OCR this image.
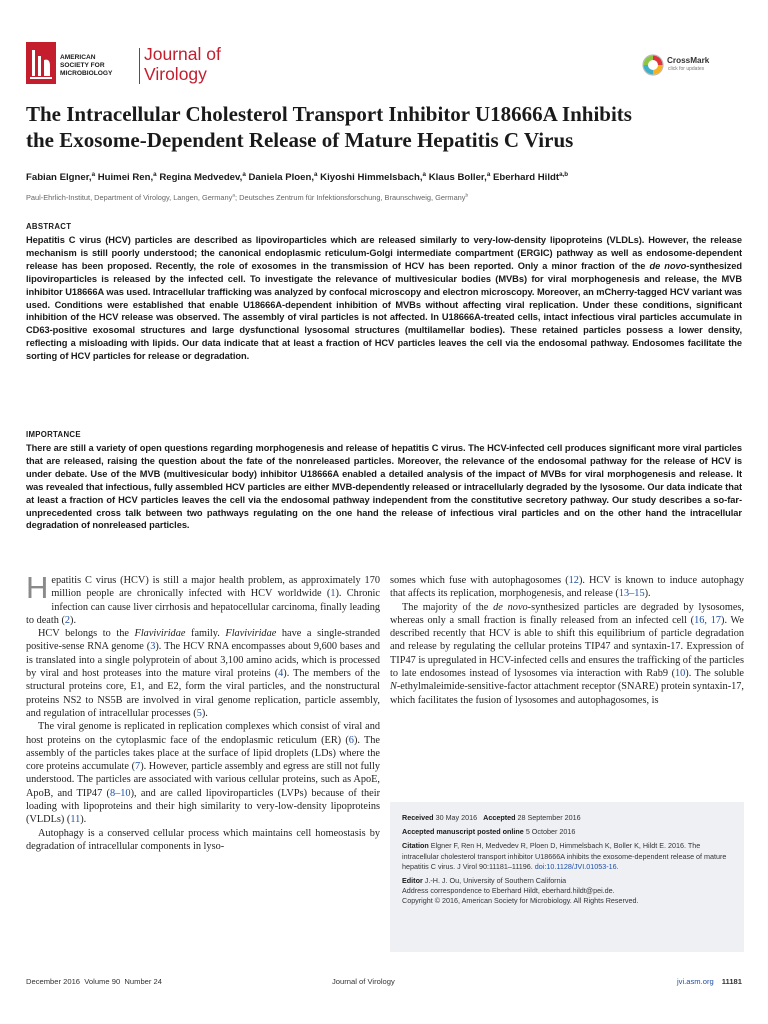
AMERICAN
SOCIETY FOR
MICROBIOLOGY
Journal of
Virology
CrossMark
click for updates
The Intracellular Cholesterol Transport Inhibitor U18666A Inhibits
the Exosome-Dependent Release of Mature Hepatitis C Virus
Fabian Elgner,$^a$ Huimei Ren,$^a$ Regina Medvedev,$^a$ Daniela Ploen,$^a$ Kiyoshi Himmelsbach,$^a$ Klaus Boller,$^a$ Eberhard Hildt$^{a,b}$
Paul-Ehrlich-Institut, Department of Virology, Langen, Germany$^a$; Deutsches Zentrum für Infektionsforschung, Braunschweig, Germany$^b$
ABSTRACT
Hepatitis C virus (HCV) particles are described as lipoviroparticles which are released similarly to very-low-density lipoproteins (VLDLs). However, the release mechanism is still poorly understood; the canonical endoplasmic reticulum-Golgi intermediate compartment (ERGIC) pathway as well as endosome-dependent release has been proposed. Recently, the role of exosomes in the transmission of HCV has been reported. Only a minor fraction of the de novo-synthesized lipoviroparticles is released by the infected cell. To investigate the relevance of multivesicular bodies (MVBs) for viral morphogenesis and release, the MVB inhibitor U18666A was used. Intracellular trafficking was analyzed by confocal microscopy and electron microscopy. Moreover, an mCherry-tagged HCV variant was used. Conditions were established that enable U18666A-dependent inhibition of MVBs without affecting viral replication. Under these conditions, significant inhibition of the HCV release was observed. The assembly of viral particles is not affected. In U18666A-treated cells, intact infectious viral particles accumulate in CD63-positive exosomal structures and large dysfunctional lysosomal structures (multilamellar bodies). These retained particles possess a lower density, reflecting a misloading with lipids. Our data indicate that at least a fraction of HCV particles leaves the cell via the endosomal pathway. Endosomes facilitate the sorting of HCV particles for release or degradation.
IMPORTANCE
There are still a variety of open questions regarding morphogenesis and release of hepatitis C virus. The HCV-infected cell produces significant more viral particles that are released, raising the question about the fate of the nonreleased particles. Moreover, the relevance of the endosomal pathway for the release of HCV is under debate. Use of the MVB (multivesicular body) inhibitor U18666A enabled a detailed analysis of the impact of MVBs for viral morphogenesis and release. It was revealed that infectious, fully assembled HCV particles are either MVB-dependently released or intracellularly degraded by the lysosome. Our data indicate that at least a fraction of HCV particles leaves the cell via the endosomal pathway independent from the constitutive secretory pathway. Our study describes a so-far-unprecedented cross talk between two pathways regulating on the one hand the release of infectious viral particles and on the other hand the intracellular degradation of nonreleased particles.

Hepatitis C virus (HCV) is still a major health problem, as approximately 170 million people are chronically infected with HCV worldwide (1). Chronic infection can cause liver cirrhosis and hepatocellular carcinoma, finally leading to death (2).

HCV belongs to the Flaviviridae family. Flaviviridae have a single-stranded positive-sense RNA genome (3). The HCV RNA encompasses about 9,600 bases and is translated into a single polyprotein of about 3,100 amino acids, which is processed by viral and host proteases into the mature viral proteins (4). The members of the structural proteins core, E1, and E2, form the viral particles, and the nonstructural proteins NS2 to NS5B are involved in viral genome replication, particle assembly, and regulation of intracellular processes (5).

The viral genome is replicated in replication complexes which consist of viral and host proteins on the cytoplasmic face of the endoplasmic reticulum (ER) (6). The assembly of the particles takes place at the surface of lipid droplets (LDs) where the core proteins accumulate (7). However, particle assembly and egress are still not fully understood. The particles are associated with various cellular proteins, such as ApoE, ApoB, and TIP47 (8–10), and are called lipoviroparticles (LVPs) because of their loading with lipoproteins and their high similarity to very-low-density lipoproteins (VLDLs) (11).

Autophagy is a conserved cellular process which maintains cell homeostasis by degradation of intracellular components in lyso-

somes which fuse with autophagosomes (12). HCV is known to induce autophagy that affects its replication, morphogenesis, and release (13–15).

The majority of the de novo-synthesized particles are degraded by lysosomes, whereas only a small fraction is finally released from an infected cell (16, 17). We described recently that HCV is able to shift this equilibrium of particle degradation and release by regulating the cellular proteins TIP47 and syntaxin-17. Expression of TIP47 is upregulated in HCV-infected cells and ensures the trafficking of the particles to late endosomes instead of lysosomes via interaction with Rab9 (10). The soluble N-ethylmaleimide-sensitive-factor attachment receptor (SNARE) protein syntaxin-17, which facilitates the fusion of lysosomes and autophagosomes, is

Received 30 May 2016 Accepted 28 September 2016
Accepted manuscript posted online 5 October 2016
Citation Elgner F, Ren H, Medvedev R, Ploen D, Himmelsbach K, Boller K, Hildt E. 2016. The intracellular cholesterol transport inhibitor U18666A inhibits the exosome-dependent release of mature hepatitis C virus. J Virol 90:11181–11196. doi:10.1128/JVI.01053-16.
Editor J.-H. J. Ou, University of Southern California
Address correspondence to Eberhard Hildt, eberhard.hildt@pei.de.
Copyright © 2016, American Society for Microbiology. All Rights Reserved.
December 2016 Volume 90 Number 24	Journal of Virology	jvi.asm.org 11181
